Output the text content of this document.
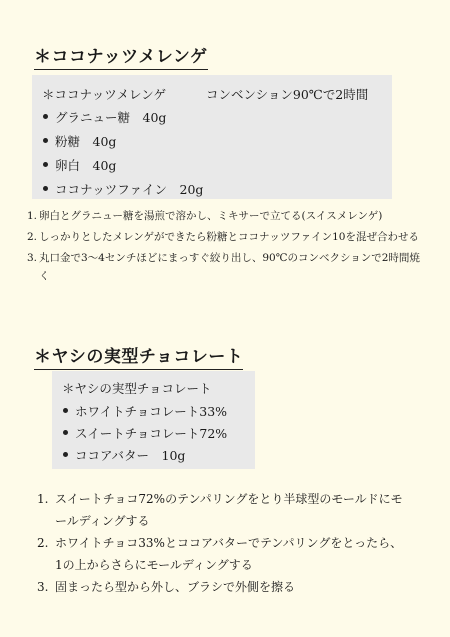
＊ココナッツメレンゲ
＊ココナッツメレンゲ	コンベンション90℃で2時間
グラニュー糖　40g
粉糖　40g
卵白　40g
ココナッツファイン　20g
1. 卵白とグラニュー糖を湯煎で溶かし、ミキサーで立てる(スイスメレンゲ)
2. しっかりとしたメレンゲができたら粉糖とココナッツファイン10を混ぜ合わせる
3. 丸口金で3〜4センチほどにまっすぐ絞り出し、90℃のコンベクションで2時間焼く
＊ヤシの実型チョコレート
＊ヤシの実型チョコレート
ホワイトチョコレート33%
スイートチョコレート72%
ココアバター　10g
1. スイートチョコ72%のテンパリングをとり半球型のモールドにモールディングする
2. ホワイトチョコ33%とココアバターでテンパリングをとったら、1の上からさらにモールディングする
3. 固まったら型から外し、ブラシで外側を擦る
